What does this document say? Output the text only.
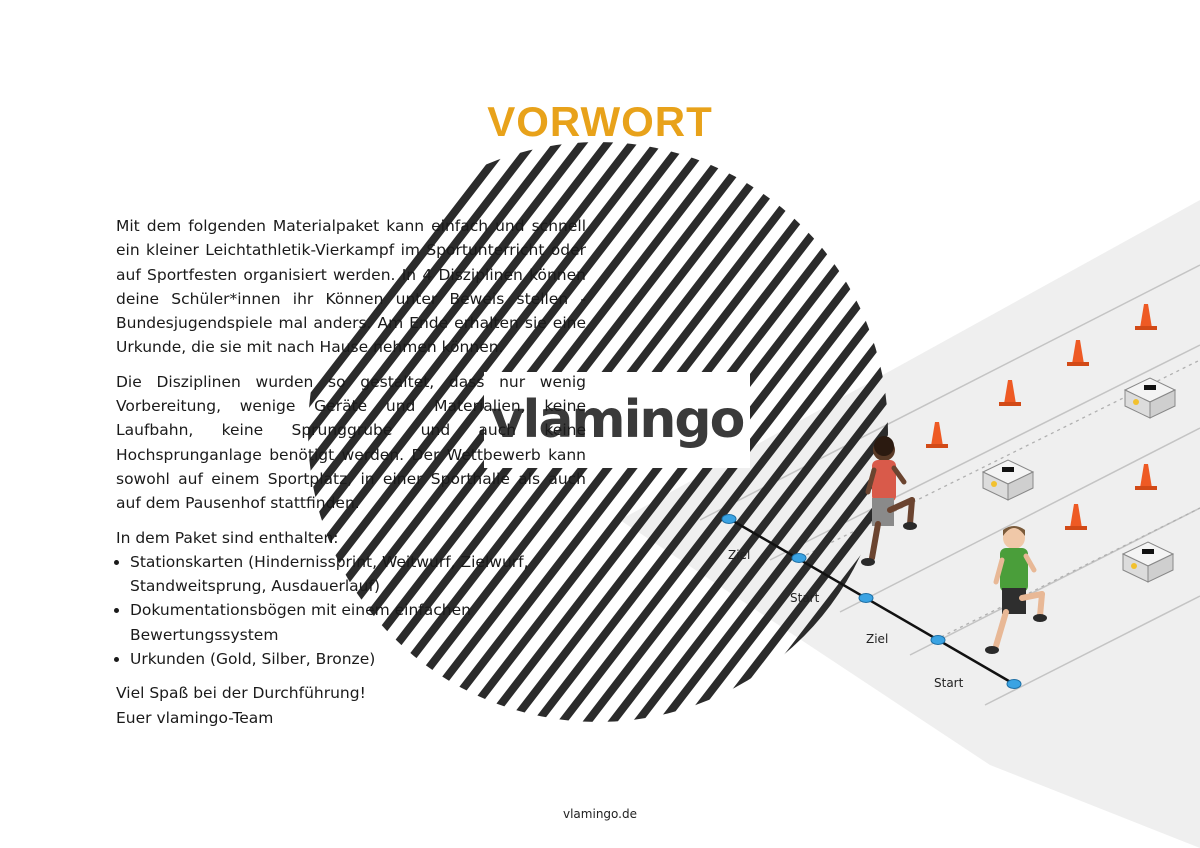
Ziel
Start
Ziel
Start
VORWORT
vlamingo

Mit dem folgenden Materialpaket kann einfach und schnell ein kleiner Leichtathletik-Vierkampf im Sportunterricht oder auf Sportfesten organisiert werden. In 4 Disziplinen können deine Schüler*innen ihr Können unter Beweis stellen - Bundesjugendspiele mal anders. Am Ende erhalten sie eine Urkunde, die sie mit nach Hause nehmen können.

Die Disziplinen wurden so gestaltet, dass nur wenig Vorbereitung, wenige Geräte und Materialien, keine Laufbahn, keine Sprunggrube und auch keine Hochsprunganlage benötigt werden. Der Wettbewerb kann sowohl auf einem Sportplatz, in einer Sporthalle als auch auf dem Pausenhof stattfinden.

In dem Paket sind enthalten:

• Stationskarten (Hindernissprint, Weitwurf, Zielwurf, Standweitsprung, Ausdauerlauf)
• Dokumentationsbögen mit einem einfachen Bewertungssystem
• Urkunden (Gold, Silber, Bronze)

Viel Spaß bei der Durchführung!

Euer vlamingo-Team

vlamingo.de
